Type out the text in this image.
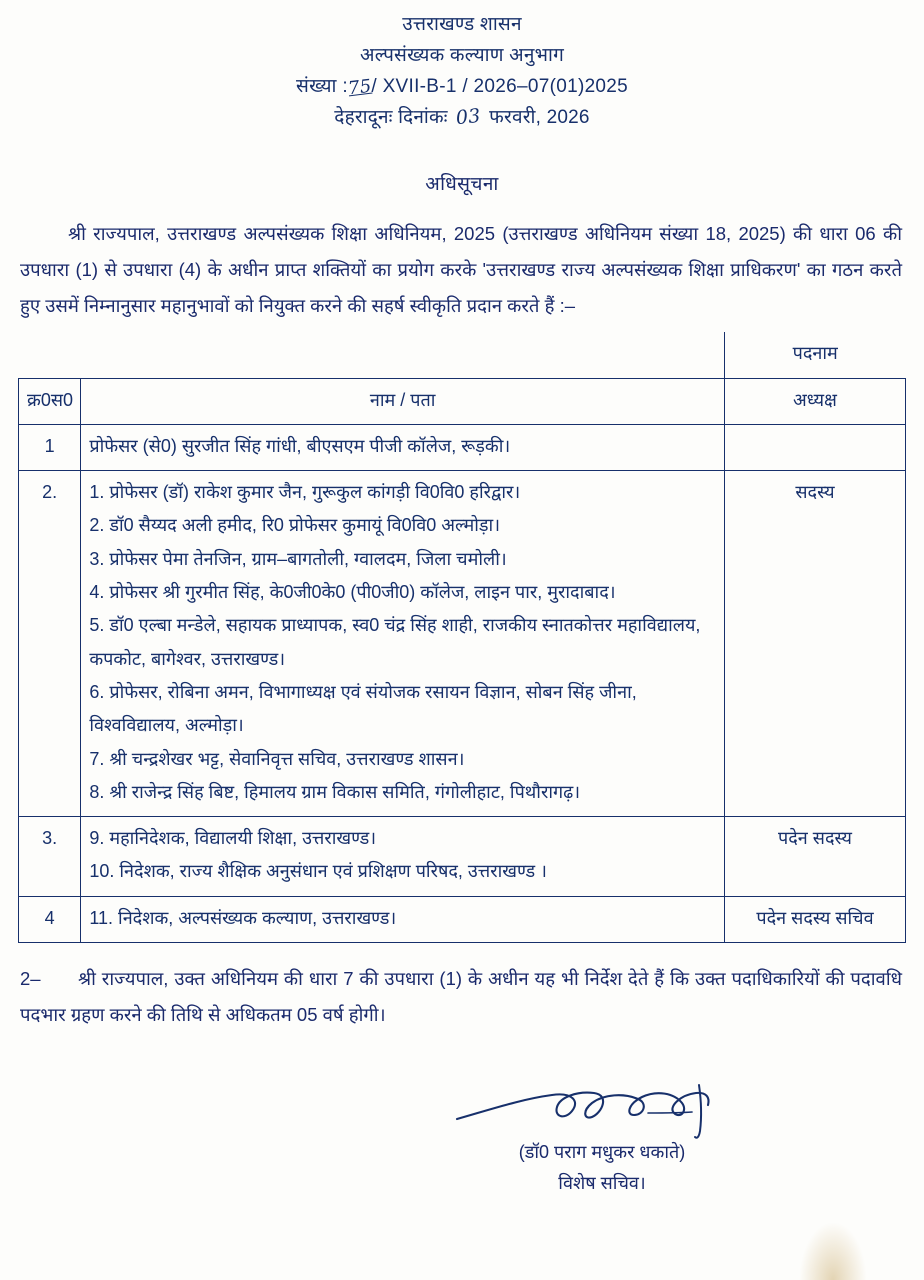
उत्तराखण्ड शासन
अल्पसंख्यक कल्याण अनुभाग
संख्या :75/ XVII-B-1 / 2026–07(01)2025
देहरादूनः दिनांकः 03 फरवरी, 2026
अधिसूचना

श्री राज्यपाल, उत्तराखण्ड अल्पसंख्यक शिक्षा अधिनियम, 2025 (उत्तराखण्ड अधिनियम संख्या 18, 2025) की धारा 06 की उपधारा (1) से उपधारा (4) के अधीन प्राप्त शक्तियों का प्रयोग करके 'उत्तराखण्ड राज्य अल्पसंख्यक शिक्षा प्राधिकरण' का गठन करते हुए उसमें निम्नानुसार महानुभावों को नियुक्त करने की सहर्ष स्वीकृति प्रदान करते हैं :–

		पदनाम
क्र0स0	नाम / पता	अध्यक्ष
1	प्रोफेसर (से0) सुरजीत सिंह गांधी, बीएसएम पीजी कॉलेज, रूड़की।	

2.	1. प्रोफेसर (डॉ) राकेश कुमार जैन, गुरूकुल कांगड़ी वि0वि0 हरिद्वार।
2. डॉ0 सैय्यद अली हमीद, रि0 प्रोफेसर कुमायूं वि0वि0 अल्मोड़ा।
3. प्रोफेसर पेमा तेनजिन, ग्राम–बागतोली, ग्वालदम, जिला चमोली।
4. प्रोफेसर श्री गुरमीत सिंह, के0जी0के0 (पी0जी0) कॉलेज, लाइन पार, मुरादाबाद।
5. डॉ0 एल्बा मन्डेले, सहायक प्राध्यापक, स्व0 चंद्र सिंह शाही, राजकीय स्नातकोत्तर महाविद्यालय, कपकोट, बागेश्वर, उत्तराखण्ड।
6. प्रोफेसर, रोबिना अमन, विभागाध्यक्ष एवं संयोजक रसायन विज्ञान, सोबन सिंह जीना, विश्वविद्यालय, अल्मोड़ा।
7. श्री चन्द्रशेखर भट्ट, सेवानिवृत्त सचिव, उत्तराखण्ड शासन।
8. श्री राजेन्द्र सिंह बिष्ट, हिमालय ग्राम विकास समिति, गंगोलीहाट, पिथौरागढ़।
	सदस्य
3.	9. महानिदेशक, विद्यालयी शिक्षा, उत्तराखण्ड।
10. निदेशक, राज्य शैक्षिक अनुसंधान एवं प्रशिक्षण परिषद, उत्तराखण्ड ।	पदेन सदस्य
4	11. निदेशक, अल्पसंख्यक कल्याण, उत्तराखण्ड।	पदेन सदस्य सचिव
2– श्री राज्यपाल, उक्त अधिनियम की धारा 7 की उपधारा (1) के अधीन यह भी निर्देश देते हैं कि उक्त पदाधिकारियों की पदावधि पदभार ग्रहण करने की तिथि से अधिकतम 05 वर्ष होगी।
(डॉ0 पराग मधुकर धकाते)
विशेष सचिव।
